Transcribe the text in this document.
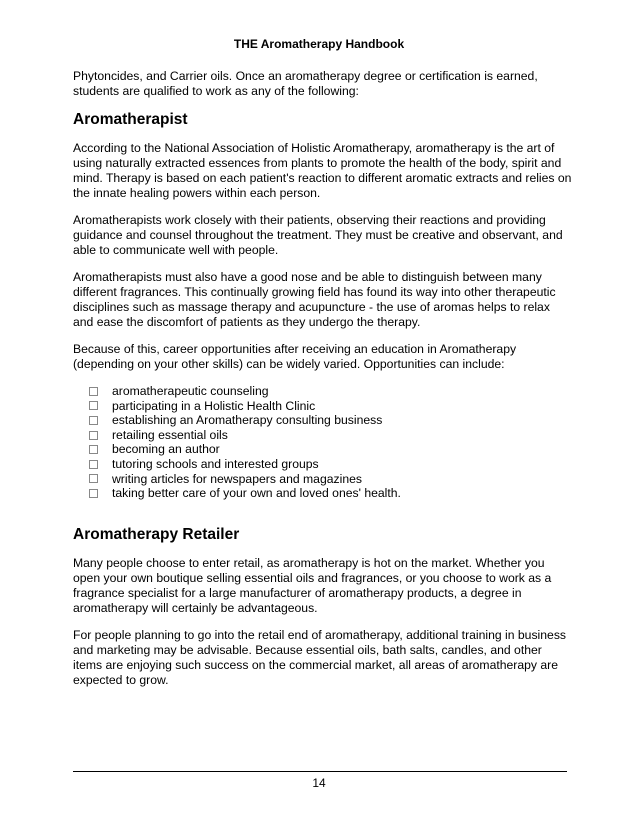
THE Aromatherapy Handbook

Phytoncides, and Carrier oils. Once an aromatherapy degree or certification is earned, students are qualified to work as any of the following:

Aromatherapist

According to the National Association of Holistic Aromatherapy, aromatherapy is the art of using naturally extracted essences from plants to promote the health of the body, spirit and mind. Therapy is based on each patient's reaction to different aromatic extracts and relies on the innate healing powers within each person.

Aromatherapists work closely with their patients, observing their reactions and providing guidance and counsel throughout the treatment. They must be creative and observant, and able to communicate well with people.

Aromatherapists must also have a good nose and be able to distinguish between many different fragrances. This continually growing field has found its way into other therapeutic disciplines such as massage therapy and acupuncture - the use of aromas helps to relax and ease the discomfort of patients as they undergo the therapy.

Because of this, career opportunities after receiving an education in Aromatherapy (depending on your other skills) can be widely varied. Opportunities can include:

aromatherapeutic counseling
participating in a Holistic Health Clinic
establishing an Aromatherapy consulting business
retailing essential oils
becoming an author
tutoring schools and interested groups
writing articles for newspapers and magazines
taking better care of your own and loved ones' health.
Aromatherapy Retailer

Many people choose to enter retail, as aromatherapy is hot on the market. Whether you open your own boutique selling essential oils and fragrances, or you choose to work as a fragrance specialist for a large manufacturer of aromatherapy products, a degree in aromatherapy will certainly be advantageous.

For people planning to go into the retail end of aromatherapy, additional training in business and marketing may be advisable. Because essential oils, bath salts, candles, and other items are enjoying such success on the commercial market, all areas of aromatherapy are expected to grow.

14
